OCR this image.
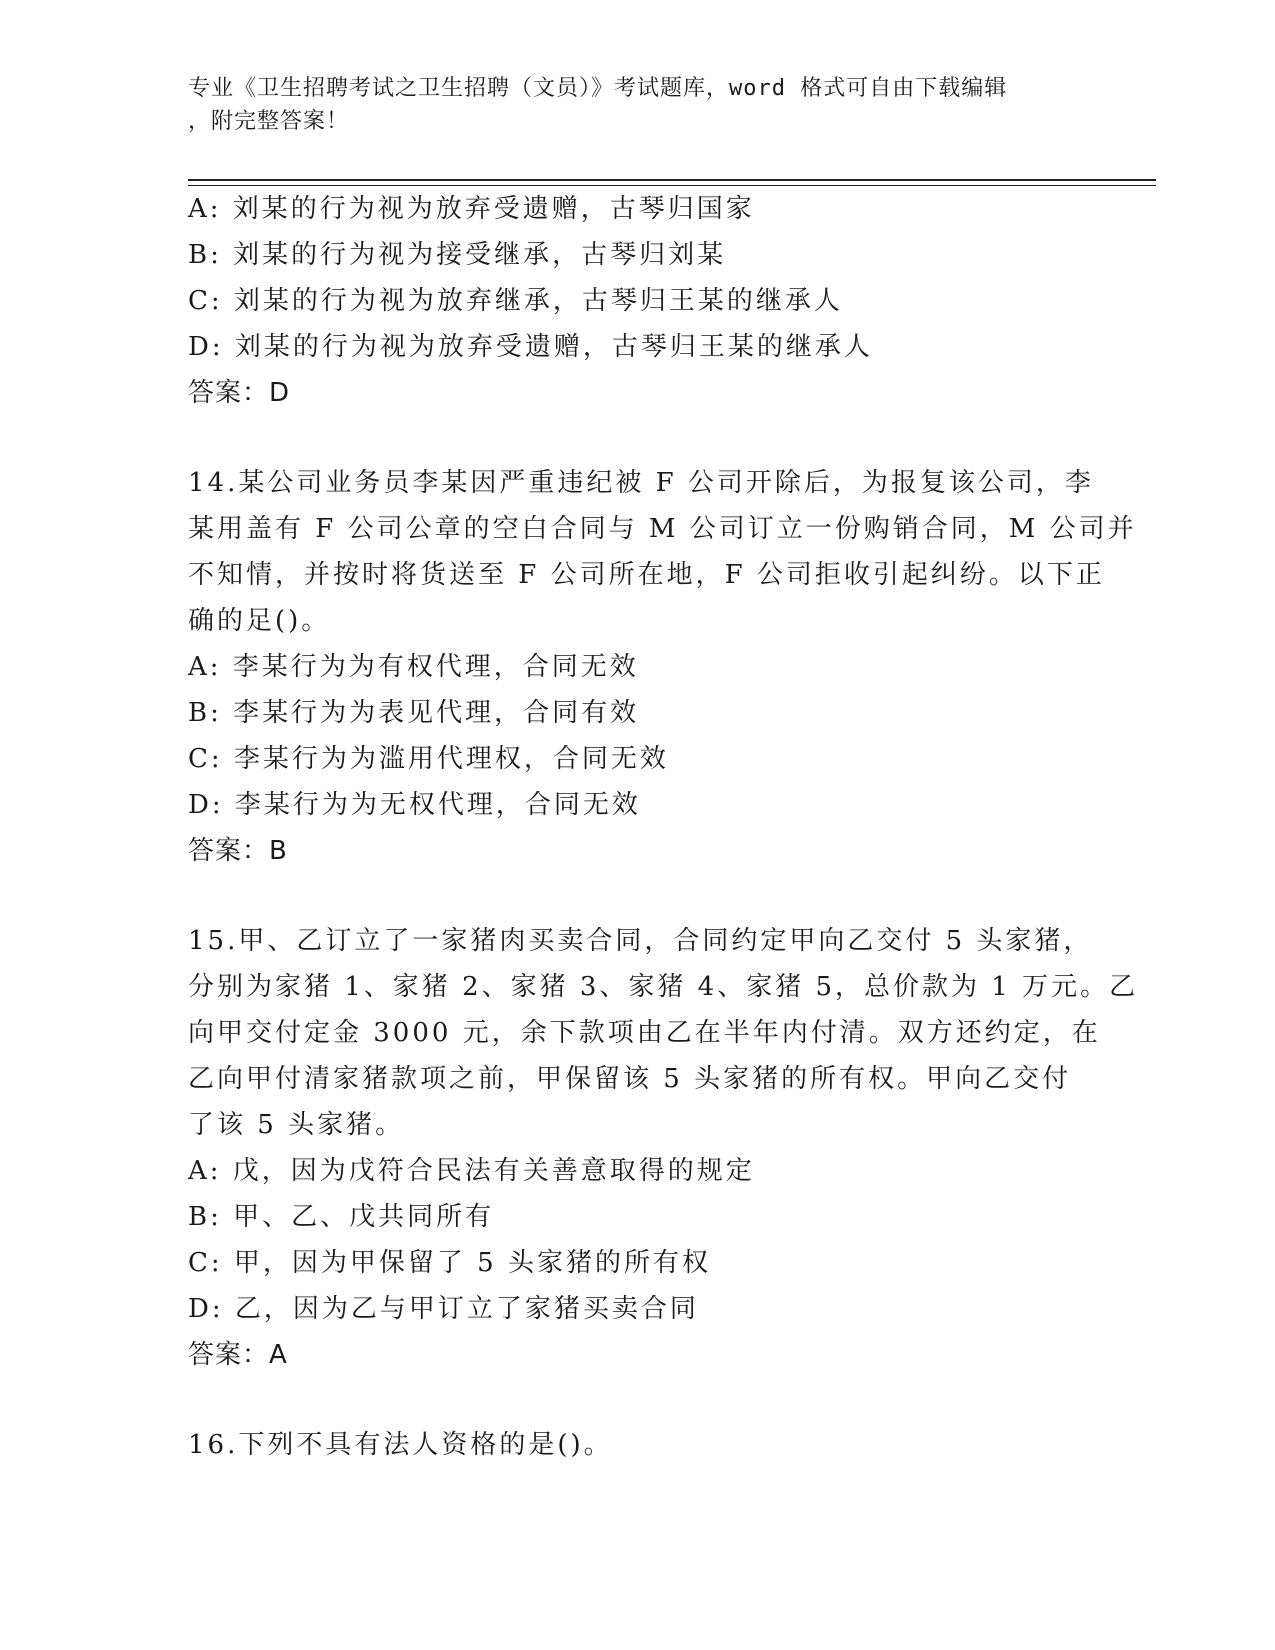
专业《卫生招聘考试之卫生招聘（文员）》考试题库，word 格式可自由下载编辑
，附完整答案！
A: 刘某的行为视为放弃受遗赠，古琴归国家
B: 刘某的行为视为接受继承，古琴归刘某
C: 刘某的行为视为放弃继承，古琴归王某的继承人
D: 刘某的行为视为放弃受遗赠，古琴归王某的继承人
答案：D
14.某公司业务员李某因严重违纪被 F 公司开除后，为报复该公司，李
某用盖有 F 公司公章的空白合同与 M 公司订立一份购销合同，M 公司并
不知情，并按时将货送至 F 公司所在地，F 公司拒收引起纠纷。以下正
确的足()。
A: 李某行为为有权代理，合同无效
B: 李某行为为表见代理，合同有效
C: 李某行为为滥用代理权，合同无效
D: 李某行为为无权代理，合同无效
答案：B
15.甲、乙订立了一家猪肉买卖合同，合同约定甲向乙交付 5 头家猪，
分别为家猪 1、家猪 2、家猪 3、家猪 4、家猪 5，总价款为 1 万元。乙
向甲交付定金 3000 元，余下款项由乙在半年内付清。双方还约定，在
乙向甲付清家猪款项之前，甲保留该 5 头家猪的所有权。甲向乙交付
了该 5 头家猪。
A: 戊，因为戊符合民法有关善意取得的规定
B: 甲、乙、戊共同所有
C: 甲，因为甲保留了 5 头家猪的所有权
D: 乙，因为乙与甲订立了家猪买卖合同
答案：A
16.下列不具有法人资格的是()。
